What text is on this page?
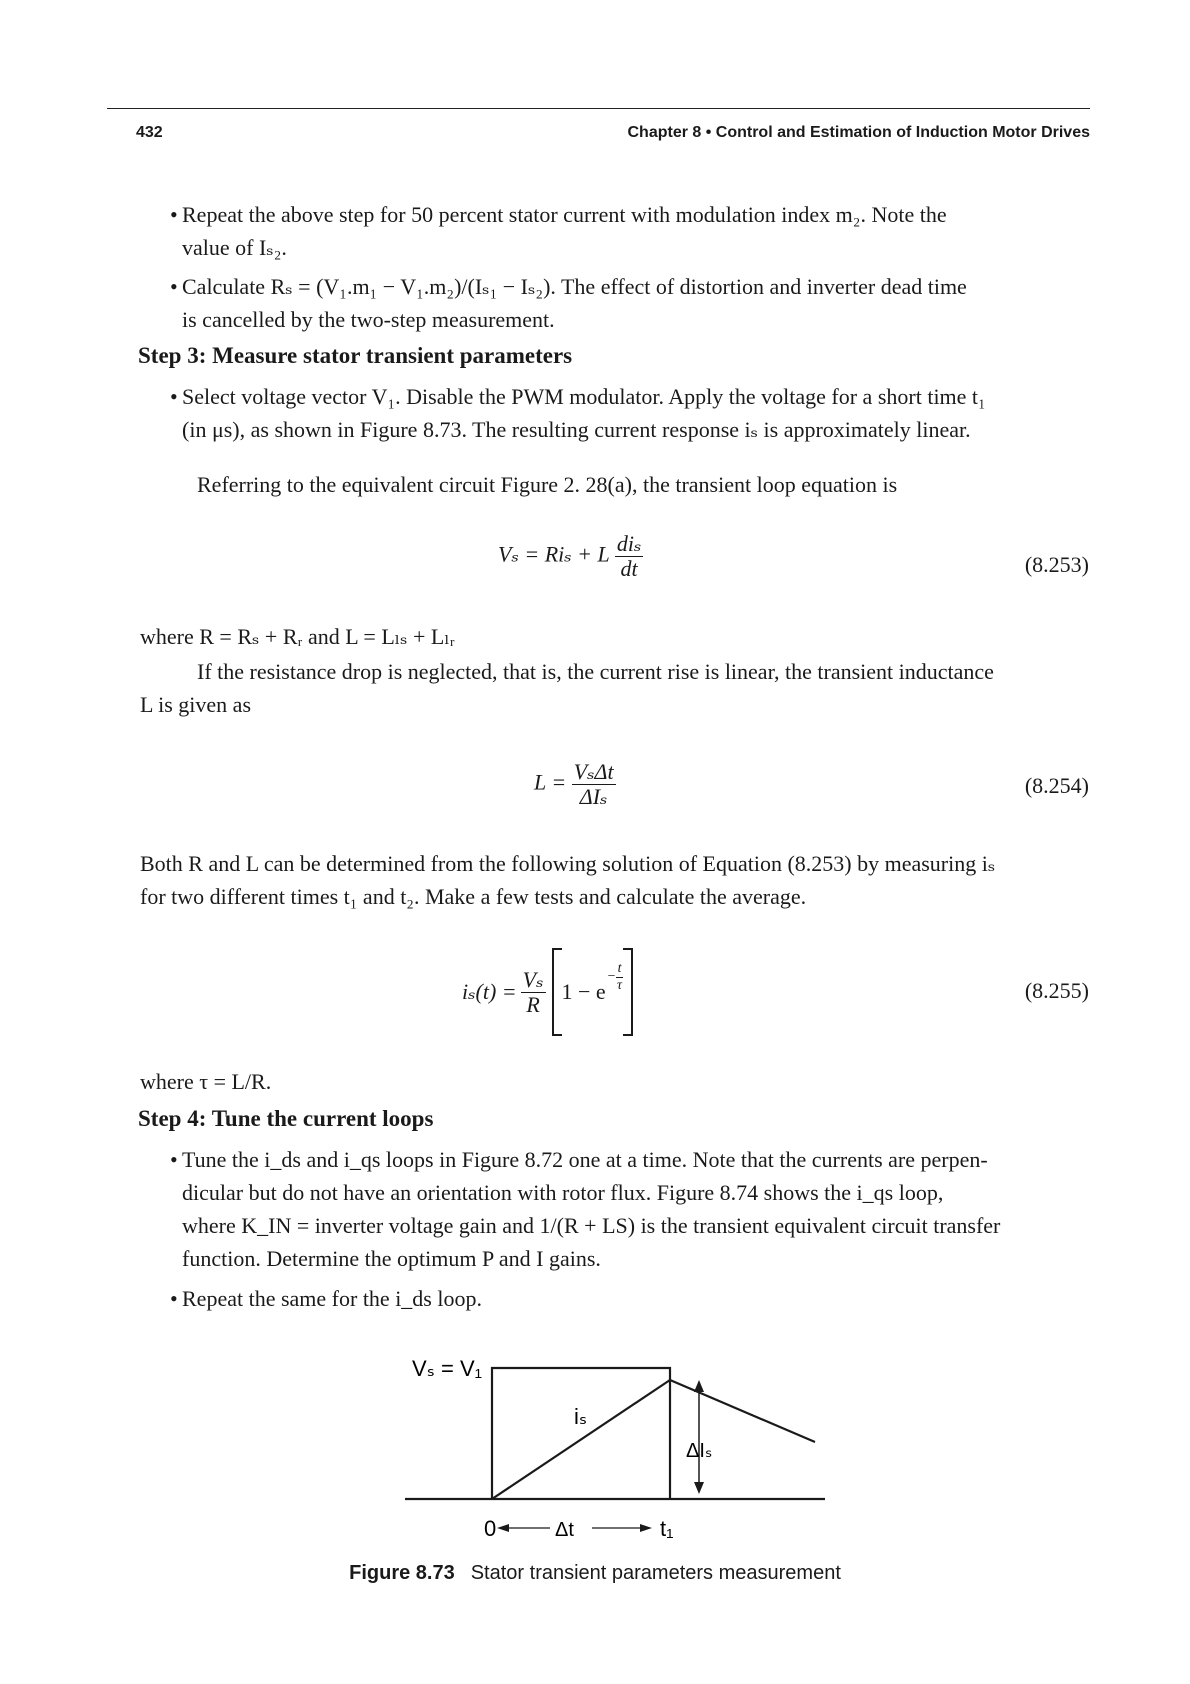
432	Chapter 8 • Control and Estimation of Induction Motor Drives
• Repeat the above step for 50 percent stator current with modulation index m₂. Note the
value of Iₛ₂.
• Calculate Rₛ = (V₁.m₁ − V₁.m₂)/(Iₛ₁ − Iₛ₂). The effect of distortion and inverter dead time
is cancelled by the two-step measurement.
Step 3: Measure stator transient parameters
• Select voltage vector V₁. Disable the PWM modulator. Apply the voltage for a short time t₁
(in μs), as shown in Figure 8.73. The resulting current response iₛ is approximately linear.
Referring to the equivalent circuit Figure 2. 28(a), the transient loop equation is
Vₛ = Riₛ + L $\frac{\text{diₛ}}{dt}$	(8.253)
where R = Rₛ + Rᵣ and L = Lₗₛ + Lₗᵣ
If the resistance drop is neglected, that is, the current rise is linear, the transient inductance
L is given as
$L = \frac{\text{VₛΔt}}{\text{ΔIₛ}}$	(8.254)
Both R and L can be determined from the following solution of Equation (8.253) by measuring iₛ
for two different times t₁ and t₂. Make a few tests and calculate the average.
$i_s(t) = \frac{\text{Vₛ}}{R} 1 - e$
− $\frac{t}{\tau}$	(8.255)
where τ = L/R.
Step 4: Tune the current loops
• Tune the i_ds and i_qs loops in Figure 8.72 one at a time. Note that the currents are perpen-
dicular but do not have an orientation with rotor flux. Figure 8.74 shows the i_qs loop,
where K_IN = inverter voltage gain and 1/(R + LS) is the transient equivalent circuit transfer
function. Determine the optimum P and I gains.
• Repeat the same for the i_ds loop.
Vₛ = V₁
iₛ
ΔIₛ
0	Δt	t₁
Figure 8.73 Stator transient parameters measurement
